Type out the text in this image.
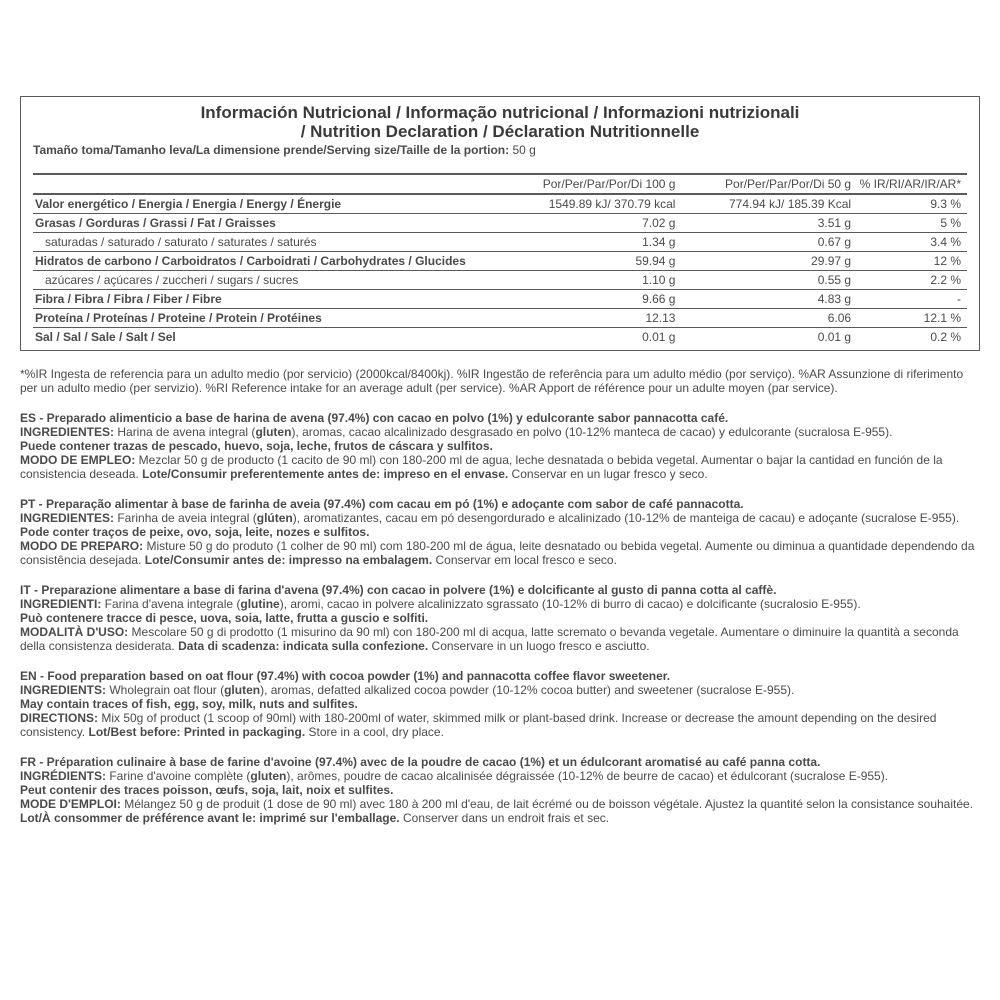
Información Nutricional / Informação nutricional / Informazioni nutrizionali

/ Nutrition Declaration / Déclaration Nutritionnelle

Tamaño toma/Tamanho leva/La dimensione prende/Serving size/Taille de la portion: 50 g
	Por/Per/Par/Por/Di 100 g	Por/Per/Par/Por/Di 50 g	% IR/RI/AR/IR/AR*
Valor energético / Energia / Energia / Energy / Énergie	1549.89 kJ/ 370.79 kcal	774.94 kJ/ 185.39 Kcal	9.3 %
Grasas / Gorduras / Grassi / Fat / Graisses	7.02 g	3.51 g	5 %
saturadas / saturado / saturato / saturates / saturés	1.34 g	0.67 g	3.4 %
Hidratos de carbono / Carboidratos / Carboidrati / Carbohydrates / Glucides	59.94 g	29.97 g	12 %
azúcares / açúcares / zuccheri / sugars / sucres	1.10 g	0.55 g	2.2 %
Fibra / Fibra / Fibra / Fiber / Fibre	9.66 g	4.83 g	-
Proteína / Proteínas / Proteine / Protein / Protéines	12.13	6.06	12.1 %
Sal / Sal / Sale / Salt / Sel	0.01 g	0.01 g	0.2 %
*%IR Ingesta de referencia para un adulto medio (por servicio) (2000kcal/8400kj). %IR Ingestão de referência para um adulto médio (por serviço). %AR Assunzione di riferimento per un adulto medio (per servizio). %RI Reference intake for an average adult (per service). %AR Apport de référence pour un adulte moyen (par service).

ES - Preparado alimenticio a base de harina de avena (97.4%) con cacao en polvo (1%) y edulcorante sabor pannacotta café.

INGREDIENTES: Harina de avena integral (gluten), aromas, cacao alcalinizado desgrasado en polvo (10-12% manteca de cacao) y edulcorante (sucralosa E-955).

Puede contener trazas de pescado, huevo, soja, leche, frutos de cáscara y sulfitos.

MODO DE EMPLEO: Mezclar 50 g de producto (1 cacito de 90 ml) con 180-200 ml de agua, leche desnatada o bebida vegetal. Aumentar o bajar la cantidad en función de la consistencia deseada. Lote/Consumir preferentemente antes de: impreso en el envase. Conservar en un lugar fresco y seco.

PT - Preparação alimentar à base de farinha de aveia (97.4%) com cacau em pó (1%) e adoçante com sabor de café pannacotta.

INGREDIENTES: Farinha de aveia integral (glúten), aromatizantes, cacau em pó desengordurado e alcalinizado (10-12% de manteiga de cacau) e adoçante (sucralose E-955). Pode conter traços de peixe, ovo, soja, leite, nozes e sulfitos.

MODO DE PREPARO: Misture 50 g do produto (1 colher de 90 ml) com 180-200 ml de água, leite desnatado ou bebida vegetal. Aumente ou diminua a quantidade dependendo da consistência desejada. Lote/Consumir antes de: impresso na embalagem. Conservar em local fresco e seco.

IT - Preparazione alimentare a base di farina d'avena (97.4%) con cacao in polvere (1%) e dolcificante al gusto di panna cotta al caffè.

INGREDIENTI: Farina d'avena integrale (glutine), aromi, cacao in polvere alcalinizzato sgrassato (10-12% di burro di cacao) e dolcificante (sucralosio E-955).

Può contenere tracce di pesce, uova, soia, latte, frutta a guscio e solfiti.

MODALITÀ D'USO: Mescolare 50 g di prodotto (1 misurino da 90 ml) con 180-200 ml di acqua, latte scremato o bevanda vegetale. Aumentare o diminuire la quantità a seconda della consistenza desiderata. Data di scadenza: indicata sulla confezione. Conservare in un luogo fresco e asciutto.

EN - Food preparation based on oat flour (97.4%) with cocoa powder (1%) and pannacotta coffee flavor sweetener.

INGREDIENTS: Wholegrain oat flour (gluten), aromas, defatted alkalized cocoa powder (10-12% cocoa butter) and sweetener (sucralose E-955).

May contain traces of fish, egg, soy, milk, nuts and sulfites.

DIRECTIONS: Mix 50g of product (1 scoop of 90ml) with 180-200ml of water, skimmed milk or plant-based drink. Increase or decrease the amount depending on the desired consistency. Lot/Best before: Printed in packaging. Store in a cool, dry place.

FR - Préparation culinaire à base de farine d'avoine (97.4%) avec de la poudre de cacao (1%) et un édulcorant aromatisé au café panna cotta.

INGRÉDIENTS: Farine d'avoine complète (gluten), arômes, poudre de cacao alcalinisée dégraissée (10-12% de beurre de cacao) et édulcorant (sucralose E-955).

Peut contenir des traces poisson, œufs, soja, lait, noix et sulfites.

MODE D'EMPLOI: Mélangez 50 g de produit (1 dose de 90 ml) avec 180 à 200 ml d'eau, de lait écrémé ou de boisson végétale. Ajustez la quantité selon la consistance souhaitée. Lot/À consommer de préférence avant le: imprimé sur l'emballage. Conserver dans un endroit frais et sec.
